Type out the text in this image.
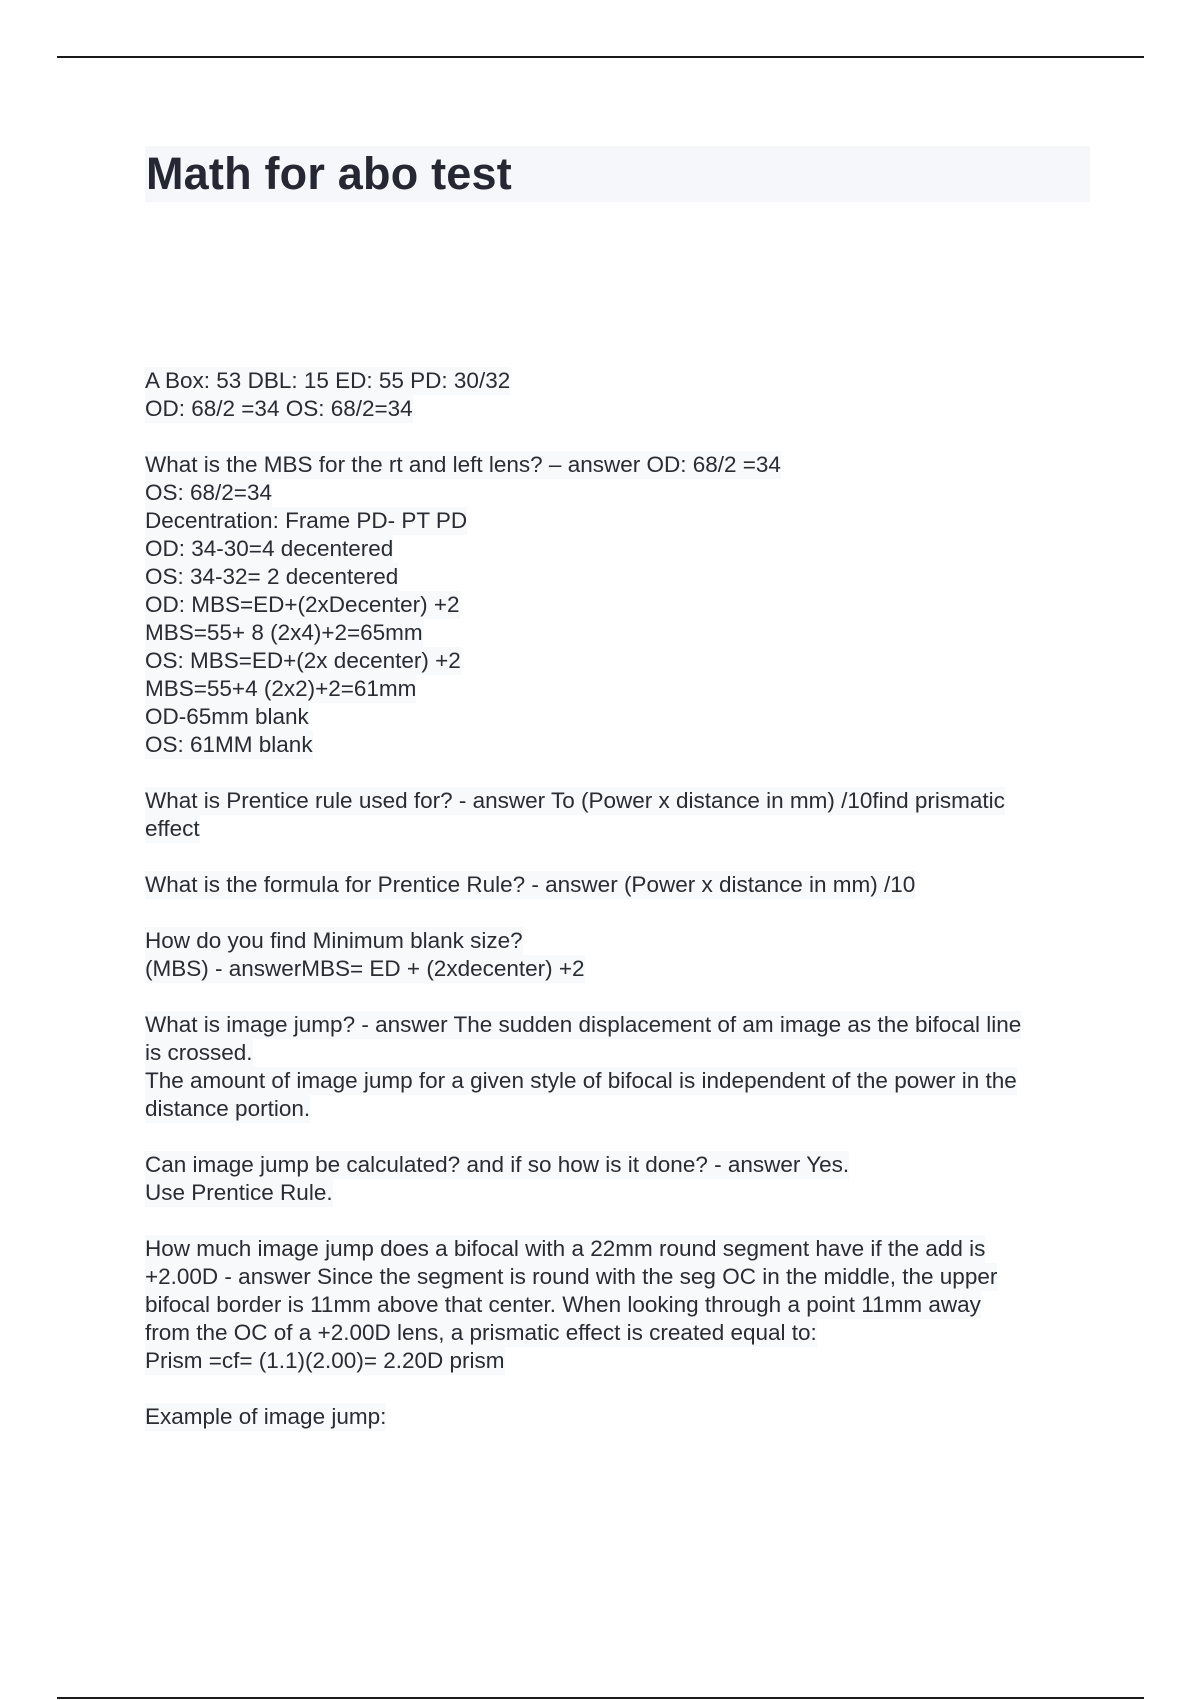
Math for abo test
A Box: 53 DBL: 15 ED: 55 PD: 30/32
OD: 68/2 =34 OS: 68/2=34
What is the MBS for the rt and left lens? – answer OD: 68/2 =34
OS: 68/2=34
Decentration: Frame PD- PT PD
OD: 34-30=4 decentered
OS: 34-32= 2 decentered
OD: MBS=ED+(2xDecenter) +2
MBS=55+ 8 (2x4)+2=65mm
OS: MBS=ED+(2x decenter) +2
MBS=55+4 (2x2)+2=61mm
OD-65mm blank
OS: 61MM blank
What is Prentice rule used for? - answer To (Power x distance in mm) /10find prismatic
effect
What is the formula for Prentice Rule? - answer (Power x distance in mm) /10
How do you find Minimum blank size?
(MBS) - answerMBS= ED + (2xdecenter) +2
What is image jump? - answer The sudden displacement of am image as the bifocal line
is crossed.
The amount of image jump for a given style of bifocal is independent of the power in the
distance portion.
Can image jump be calculated? and if so how is it done? - answer Yes.
Use Prentice Rule.
How much image jump does a bifocal with a 22mm round segment have if the add is
+2.00D - answer Since the segment is round with the seg OC in the middle, the upper
bifocal border is 11mm above that center. When looking through a point 11mm away
from the OC of a +2.00D lens, a prismatic effect is created equal to:
Prism =cf= (1.1)(2.00)= 2.20D prism
Example of image jump:
